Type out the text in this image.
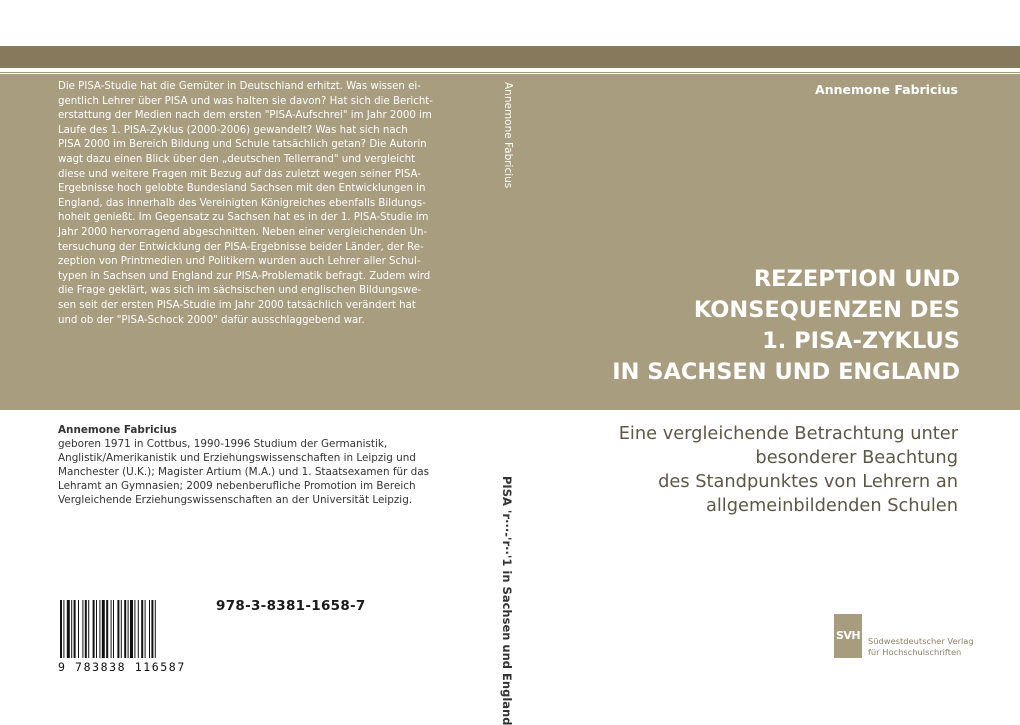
Die PISA-Studie hat die Gemüter in Deutschland erhitzt. Was wissen ei-
gentlich Lehrer über PISA und was halten sie davon? Hat sich die Bericht-
erstattung der Medien nach dem ersten "PISA-Aufschrei" im Jahr 2000 im
Laufe des 1. PISA-Zyklus (2000-2006) gewandelt? Was hat sich nach
PISA 2000 im Bereich Bildung und Schule tatsächlich getan? Die Autorin
wagt dazu einen Blick über den „deutschen Tellerrand" und vergleicht
diese und weitere Fragen mit Bezug auf das zuletzt wegen seiner PISA-
Ergebnisse hoch gelobte Bundesland Sachsen mit den Entwicklungen in
England, das innerhalb des Vereinigten Königreiches ebenfalls Bildungs-
hoheit genießt. Im Gegensatz zu Sachsen hat es in der 1. PISA-Studie im
Jahr 2000 hervorragend abgeschnitten. Neben einer vergleichenden Un-
tersuchung der Entwicklung der PISA-Ergebnisse beider Länder, der Re-
zeption von Printmedien und Politikern wurden auch Lehrer aller Schul-
typen in Sachsen und England zur PISA-Problematik befragt. Zudem wird
die Frage geklärt, was sich im sächsischen und englischen Bildungswe-
sen seit der ersten PISA-Studie im Jahr 2000 tatsächlich verändert hat
und ob der "PISA-Schock 2000" dafür ausschlaggebend war.
Annemone Fabricius	Annemone Fabricius
REZEPTION UND
KONSEQUENZEN DES
1. PISA-ZYKLUS
IN SACHSEN UND ENGLAND
Eine vergleichende Betrachtung unter
besonderer Beachtung
des Standpunktes von Lehrern an
allgemeinbildenden Schulen
Annemone Fabricius
geboren 1971 in Cottbus, 1990-1996 Studium der Germanistik,
Anglistik/Amerikanistik und Erziehungswissenschaften in Leipzig und
Manchester (U.K.); Magister Artium (M.A.) und 1. Staatsexamen für das
Lehramt an Gymnasien; 2009 nebenberufliche Promotion im Bereich
Vergleichende Erziehungswissenschaften an der Universität Leipzig.	PISA 'r···-'r··'1 in Sachsen und England
978-3-8381-1658-7
9 783838 116587
SVH Südwestdeutscher Verlag
für Hochschulschriften
